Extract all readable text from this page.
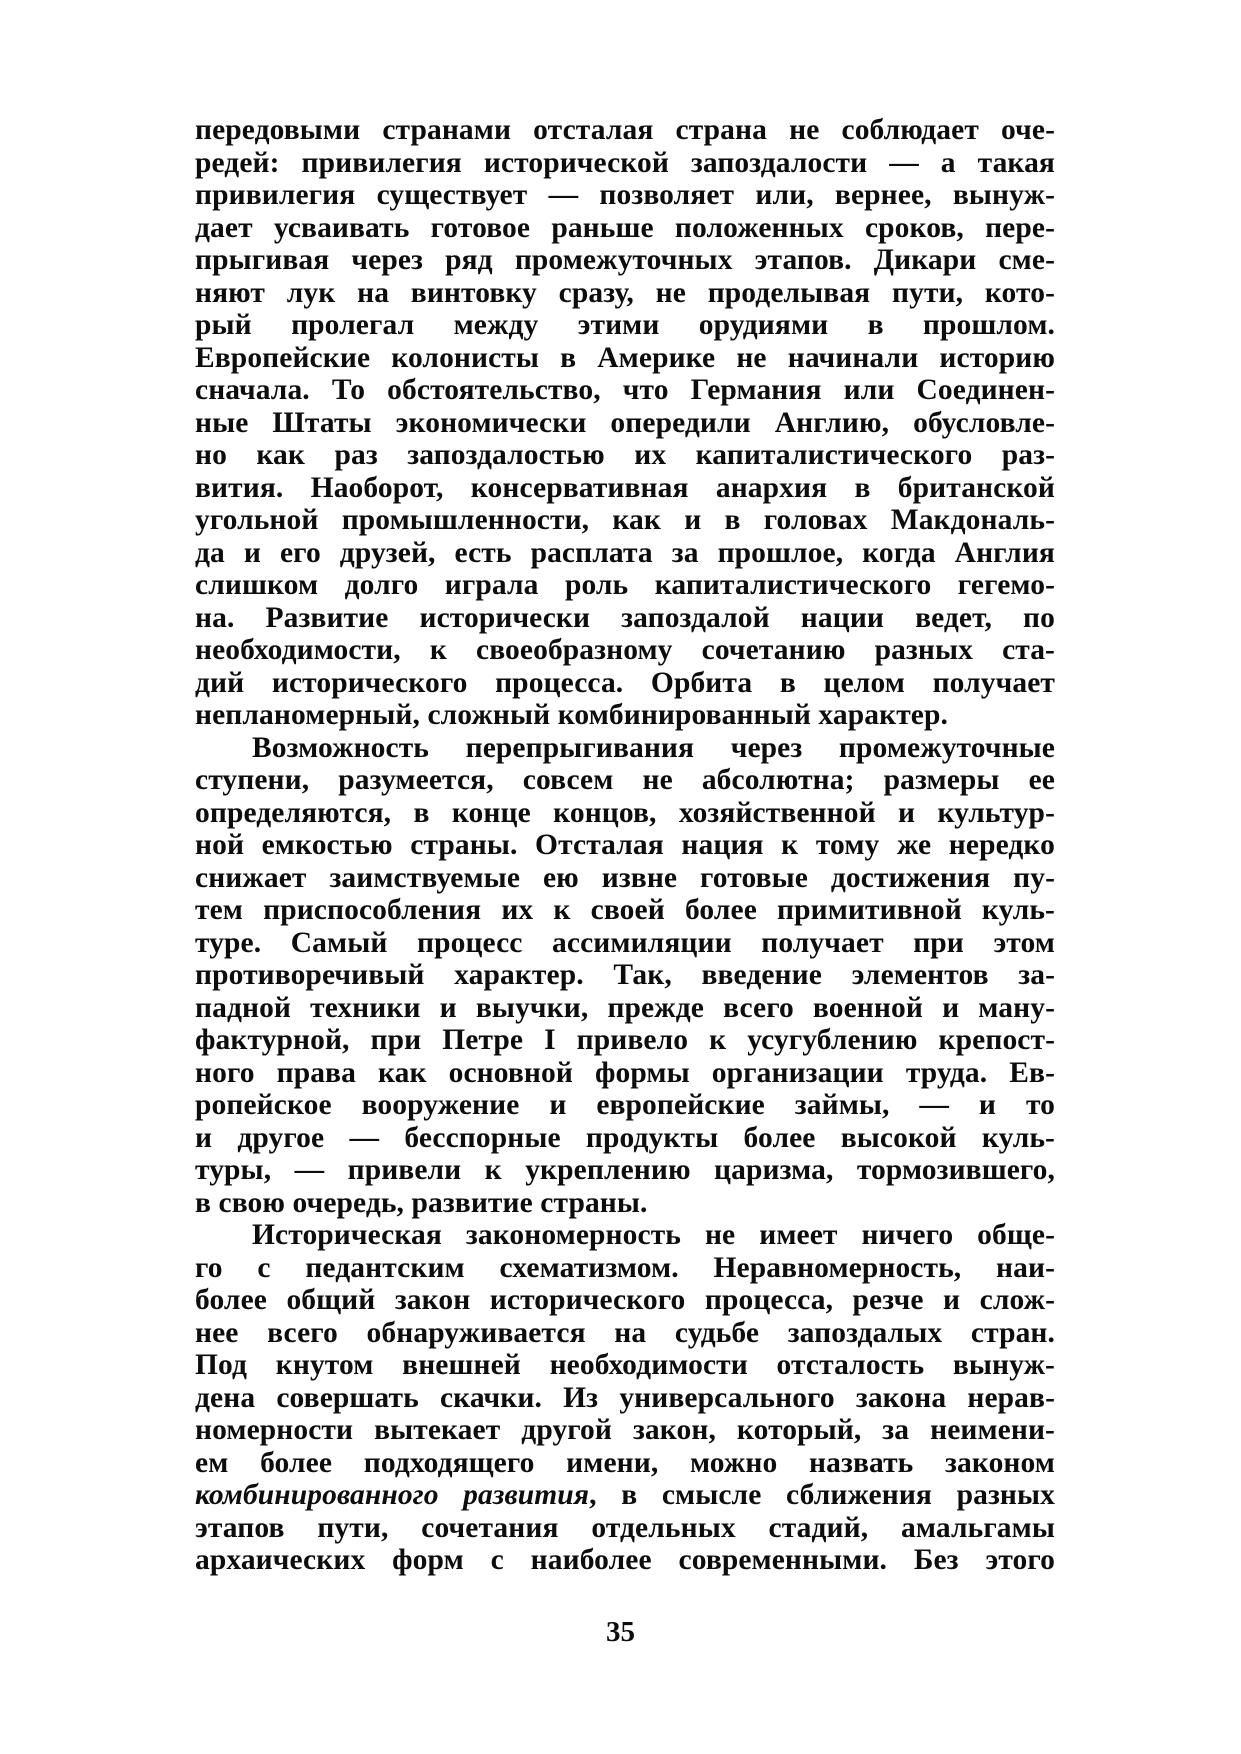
передовыми странами отсталая страна не соблюдает оче-
редей: привилегия исторической запоздалости — а такая
привилегия существует — позволяет или, вернее, вынуж-
дает усваивать готовое раньше положенных сроков, пере-
прыгивая через ряд промежуточных этапов. Дикари сме-
няют лук на винтовку сразу, не проделывая пути, кото-
рый пролегал между этими орудиями в прошлом.
Европейские колонисты в Америке не начинали историю
сначала. То обстоятельство, что Германия или Соединен-
ные Штаты экономически опередили Англию, обусловле-
но как раз запоздалостью их капиталистического раз-
вития. Наоборот, консервативная анархия в британской
угольной промышленности, как и в головах Макдональ-
да и его друзей, есть расплата за прошлое, когда Англия
слишком долго играла роль капиталистического гегемо-
на. Развитие исторически запоздалой нации ведет, по
необходимости, к своеобразному сочетанию разных ста-
дий исторического процесса. Орбита в целом получает
непланомерный, сложный комбинированный характер.
Возможность перепрыгивания через промежуточные
ступени, разумеется, совсем не абсолютна; размеры ее
определяются, в конце концов, хозяйственной и культур-
ной емкостью страны. Отсталая нация к тому же нередко
снижает заимствуемые ею извне готовые достижения пу-
тем приспособления их к своей более примитивной куль-
туре. Самый процесс ассимиляции получает при этом
противоречивый характер. Так, введение элементов за-
падной техники и выучки, прежде всего военной и ману-
фактурной, при Петре I привело к усугублению крепост-
ного права как основной формы организации труда. Ев-
ропейское вооружение и европейские займы, — и то
и другое — бесспорные продукты более высокой куль-
туры, — привели к укреплению царизма, тормозившего,
в свою очередь, развитие страны.
Историческая закономерность не имеет ничего обще-
го с педантским схематизмом. Неравномерность, наи-
более общий закон исторического процесса, резче и слож-
нее всего обнаруживается на судьбе запоздалых стран.
Под кнутом внешней необходимости отсталость вынуж-
дена совершать скачки. Из универсального закона нерав-
номерности вытекает другой закон, который, за неимени-
ем более подходящего имени, можно назвать законом
комбинированного развития, в смысле сближения разных
этапов пути, сочетания отдельных стадий, амальгамы
архаических форм с наиболее современными. Без этого
35
